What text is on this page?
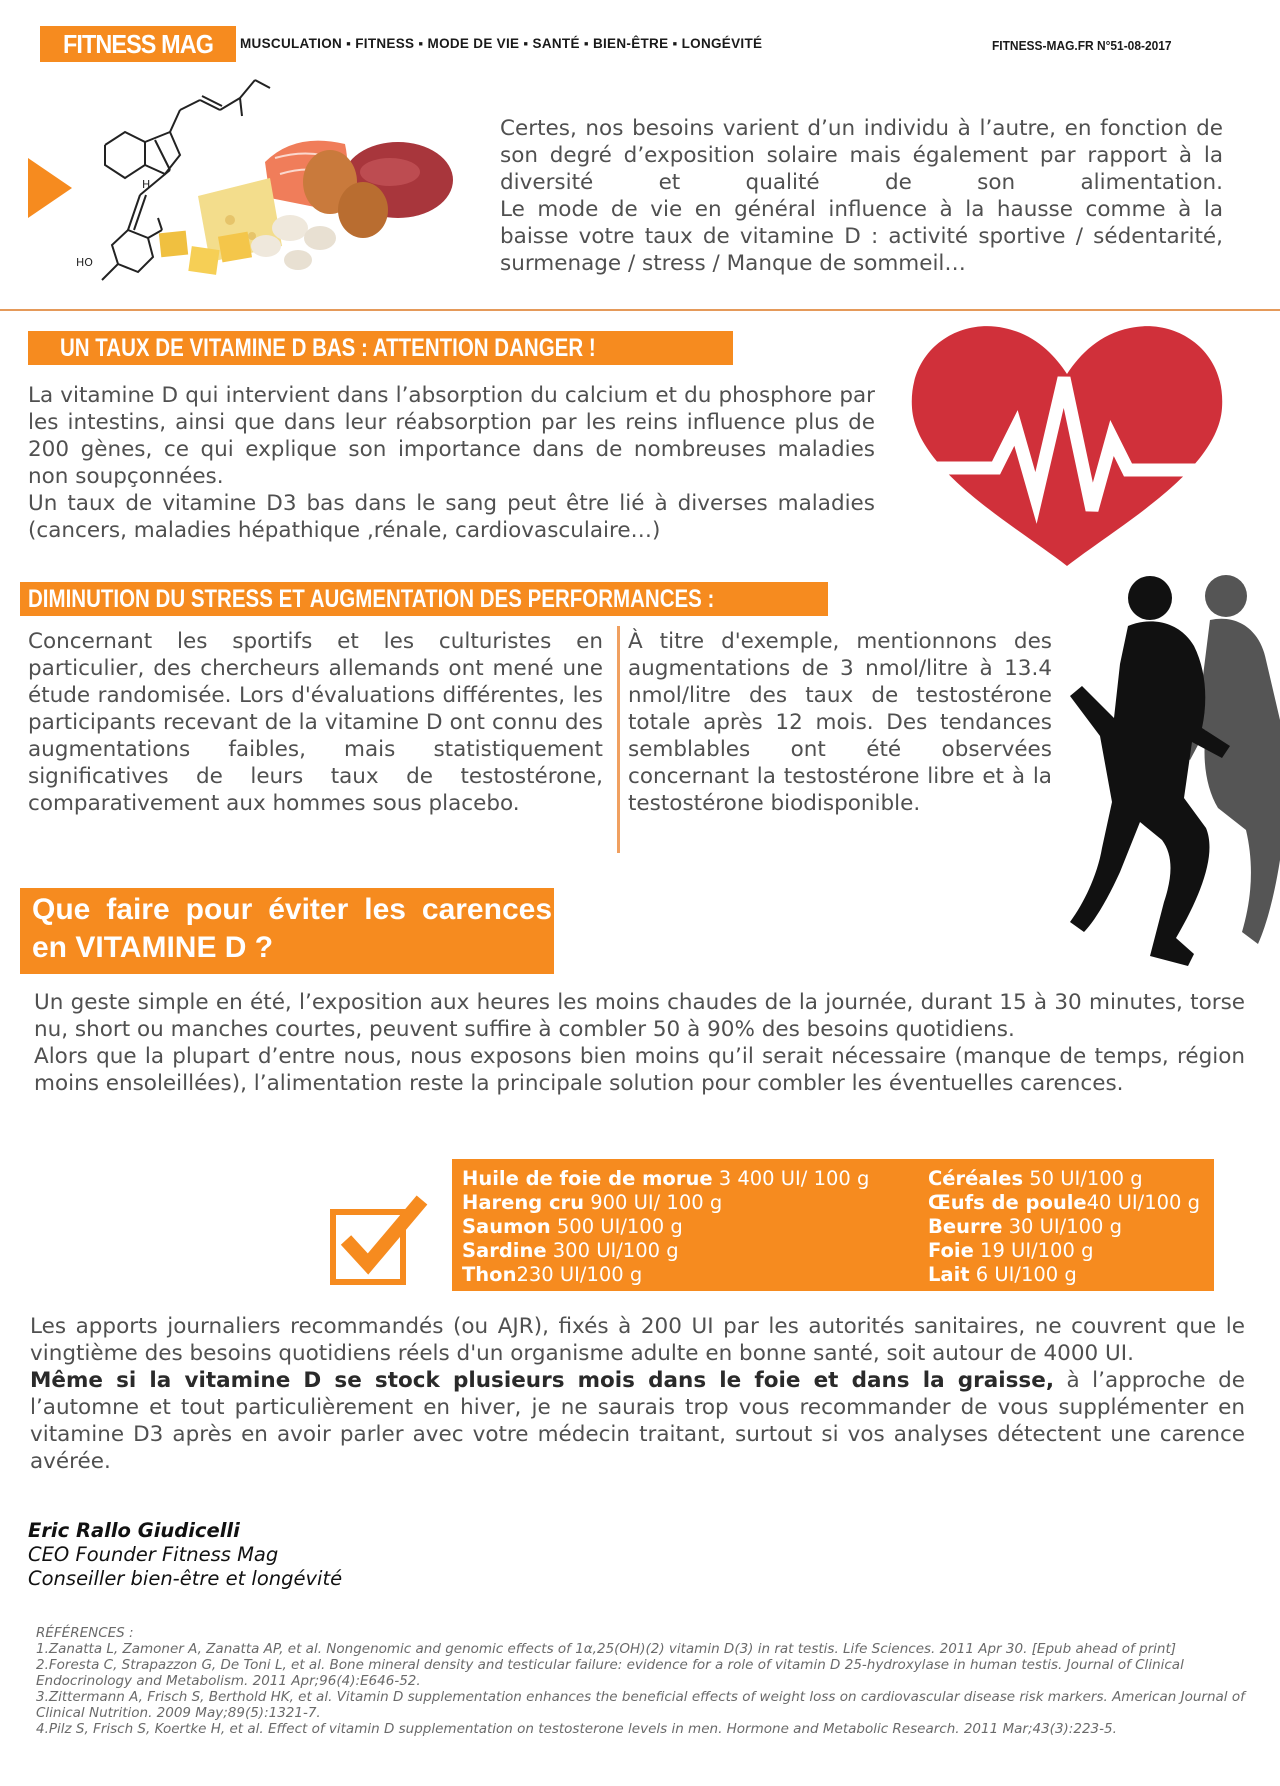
FITNESS MAG	MUSCULATION ▪ FITNESS ▪ MODE DE VIE ▪ SANTÉ ▪ BIEN-ÊTRE ▪ LONGÉVITÉ	FITNESS-MAG.FR N°51-08-2017
H
HO

Certes, nos besoins varient d’un individu à l’autre, en fonction de son degré d’exposition solaire mais également par rapport à la diversité et qualité de son alimentation.

Le mode de vie en général influence à la hausse comme à la baisse votre taux de vitamine D : activité sportive / sédentarité, surmenage / stress / Manque de sommeil…

UN TAUX DE VITAMINE D BAS : ATTENTION DANGER !

La vitamine D qui intervient dans l’absorption du calcium et du phosphore par les intestins, ainsi que dans leur réabsorption par les reins influence plus de 200 gènes, ce qui explique son importance dans de nombreuses maladies non soupçonnées.

Un taux de vitamine D3 bas dans le sang peut être lié à diverses maladies (cancers, maladies hépathique ,rénale, cardiovasculaire…)

DIMINUTION DU STRESS ET AUGMENTATION DES PERFORMANCES :
Concernant les sportifs et les culturistes en particulier, des chercheurs allemands ont mené une étude randomisée. Lors d'évaluations différentes, les participants recevant de la vitamine D ont connu des augmentations faibles, mais statistiquement significatives de leurs taux de testostérone, comparativement aux hommes sous placebo.
À titre d'exemple, mentionnons des augmentations de 3 nmol/litre à 13.4 nmol/litre des taux de testostérone totale après 12 mois. Des tendances semblables ont été observées concernant la testostérone libre et à la testostérone biodisponible.
Que faire pour éviter les carences en VITAMINE D ?

Un geste simple en été, l’exposition aux heures les moins chaudes de la journée, durant 15 à 30 minutes, torse nu, short ou manches courtes, peuvent suffire à combler 50 à 90% des besoins quotidiens.

Alors que la plupart d’entre nous, nous exposons bien moins qu’il serait nécessaire (manque de temps, région moins ensoleillées), l’alimentation reste la principale solution pour combler les éventuelles carences.

Huile de foie de morue 3 400 UI/ 100 g
Hareng cru 900 UI/ 100 g
Saumon 500 UI/100 g
Sardine 300 UI/100 g
Thon230 UI/100 g
Céréales 50 UI/100 g
Œufs de poule40 UI/100 g
Beurre 30 UI/100 g
Foie 19 UI/100 g
Lait 6 UI/100 g

Les apports journaliers recommandés (ou AJR), fixés à 200 UI par les autorités sanitaires, ne couvrent que le vingtième des besoins quotidiens réels d'un organisme adulte en bonne santé, soit autour de 4000 UI.

Même si la vitamine D se stock plusieurs mois dans le foie et dans la graisse, à l’approche de l’automne et tout particulièrement en hiver, je ne saurais trop vous recommander de vous supplémenter en vitamine D3 après en avoir parler avec votre médecin traitant, surtout si vos analyses détectent une carence avérée.

Eric Rallo Giudicelli
CEO Founder Fitness Mag
Conseiller bien-être et longévité
RÉFÉRENCES :
1.Zanatta L, Zamoner A, Zanatta AP, et al. Nongenomic and genomic effects of 1α,25(OH)(2) vitamin D(3) in rat testis. Life Sciences. 2011 Apr 30. [Epub ahead of print]
2.Foresta C, Strapazzon G, De Toni L, et al. Bone mineral density and testicular failure: evidence for a role of vitamin D 25-hydroxylase in human testis. Journal of Clinical Endocrinology and Metabolism. 2011 Apr;96(4):E646-52.
3.Zittermann A, Frisch S, Berthold HK, et al. Vitamin D supplementation enhances the beneficial effects of weight loss on cardiovascular disease risk markers. American Journal of Clinical Nutrition. 2009 May;89(5):1321-7.
4.Pilz S, Frisch S, Koertke H, et al. Effect of vitamin D supplementation on testosterone levels in men. Hormone and Metabolic Research. 2011 Mar;43(3):223-5.
